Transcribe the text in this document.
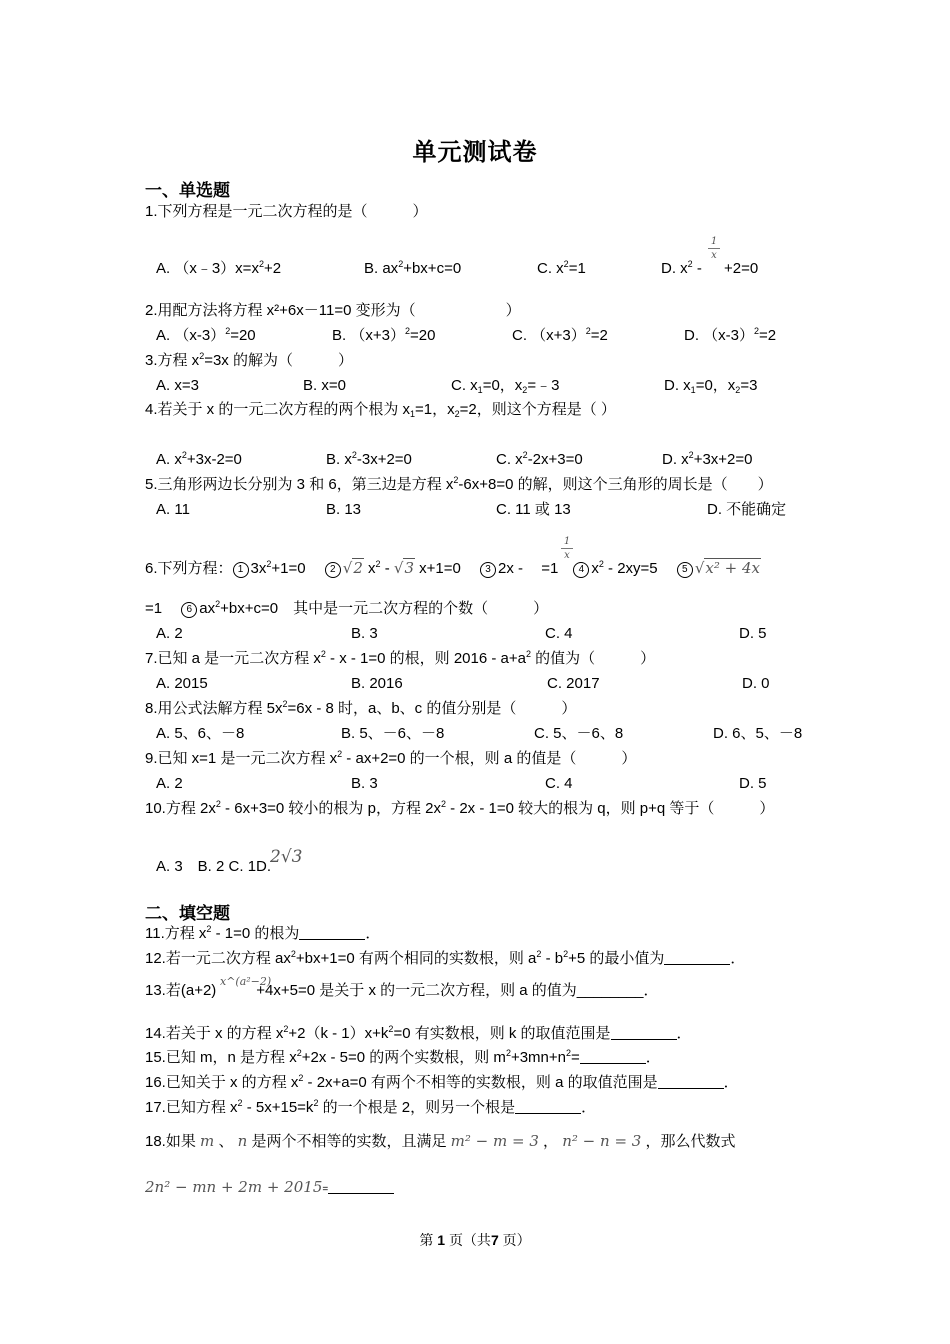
单元测试卷
一、单选题
1.下列方程是一元二次方程的是（　　　）
A. $(x﹣3)x=x^2+2$	B. $ax^2+bx+c=0$	C. $x^2=1$	D. $x^2 - +2=0$
1
x
2.用配方法将方程 x²+6x－11=0 变形为（　　　　　　）
A. $(x-3)^2=20$	B. $(x+3)^2=20$	C. $(x+3)^2=2$	D. $(x-3)^2=2$
3.方程 $x^2=3x$ 的解为（　　　）
A. x=3	B. x=0	C. $x_1=0$，$x_2=﹣3$	D. $x_1=0$，$x_2=3$
4.若关于 x 的一元二次方程的两个根为 $x_1=1$，$x_2=2$，则这个方程是（ ）
A. $x^2+3x-2=0$	B. $x^2-3x+2=0$	C. $x^2-2x+3=0$	D. $x^2+3x+2=0$
5.三角形两边长分别为 3 和 6，第三边是方程 $x^2-6x+8=0$ 的解，则这个三角形的周长是（　　）
A. 11	B. 13	C. 11 或 13	D. 不能确定
6.下列方程： 1 $3x^2+1=0$　 2 √2 $x^2 - √3$ x+1=0　 3 2x - =1　4 $x^2 - 2xy=5$　 5 √x² + 4x
1
x
=1 　6 $ax^2+bx+c=0$　其中是一元二次方程的个数（　　　）
A. 2	B. 3	C. 4	D. 5
7.已知 a 是一元二次方程 $x^2 - x - 1=0$ 的根，则 $2016 - a+a^2$ 的值为（　　　）
A. 2015	B. 2016	C. 2017	D. 0
8.用公式法解方程 $5x^2=6x - 8$ 时，a、b、c 的值分别是（　　　）
A. 5、6、－8	B. 5、－6、－8	C. 5、－6、8	D. 6、5、－8
9.已知 x=1 是一元二次方程 $x^2 - ax+2=0$ 的一个根，则 a 的值是（　　　）
A. 2	B. 3	C. 4	D. 5
10.方程 $2x^2 - 6x+3=0$ 较小的根为 p，方程 $2x^2 - 2x - 1=0$ 较大的根为 q，则 p+q 等于（　　　）
A. 3　B. 2 C. 1D.
2√3
二、填空题
11.方程 $x^2 - 1=0$ 的根为	．
12.若一元二次方程 $ax^2+bx+1=0$ 有两个相同的实数根，则 $a^2 - b^2+5$ 的最小值为	．
13.若(a+2)	+4x+5=0 是关于 x 的一元二次方程，则 a 的值为________．
x^(a²−2)
14.若关于 x 的方程 $x^2+2(k - 1)x+k^2=0$ 有实数根，则 k 的取值范围是	．
15.已知 m，n 是方程 $x^2+2x - 5=0$ 的两个实数根，则 $m^2+3mn+n^2=$	．
16.已知关于 x 的方程 $x^2 - 2x+a=0$ 有两个不相等的实数根，则 a 的取值范围是	．
17.已知方程 $x^2 - 5x+15=k^2$ 的一个根是 2，则另一个根是	．
18.如果 m 、 n 是两个不相等的实数，且满足 m² − m = 3 ， n² − n = 3 ，那么代数式
2n² − mn + 2m + 2015=
第 1 页（共7 页）
